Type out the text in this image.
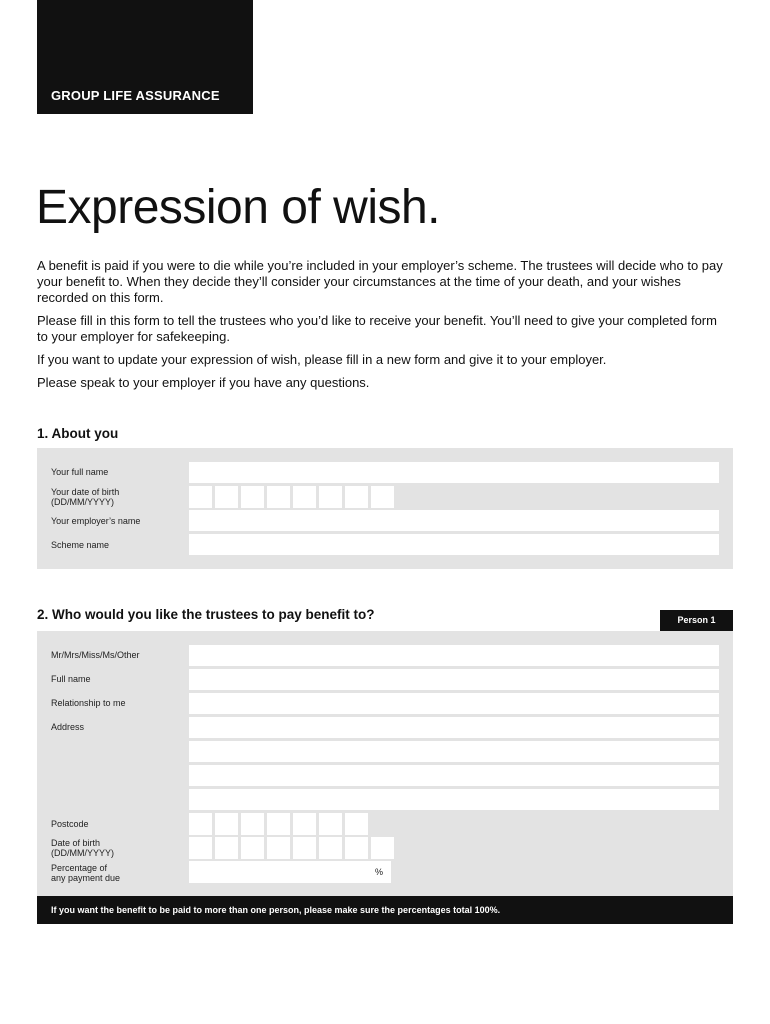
GROUP LIFE ASSURANCE
Expression of wish.

A benefit is paid if you were to die while you’re included in your employer’s scheme. The trustees will decide who to pay your benefit to. When they decide they’ll consider your circumstances at the time of your death, and your wishes recorded on this form.

Please fill in this form to tell the trustees who you’d like to receive your benefit. You’ll need to give your completed form to your employer for safekeeping.

If you want to update your expression of wish, please fill in a new form and give it to your employer.

Please speak to your employer if you have any questions.

1. About you
Your full name
Your date of birth
(DD/MM/YYYY)
Your employer’s name
Scheme name
2. Who would you like the trustees to pay benefit to?	Person 1
Mr/Mrs/Miss/Ms/Other
Full name
Relationship to me
Address
Postcode
Date of birth
(DD/MM/YYYY)
Percentage of
any payment due
%
If you want the benefit to be paid to more than one person, please make sure the percentages total 100%.
